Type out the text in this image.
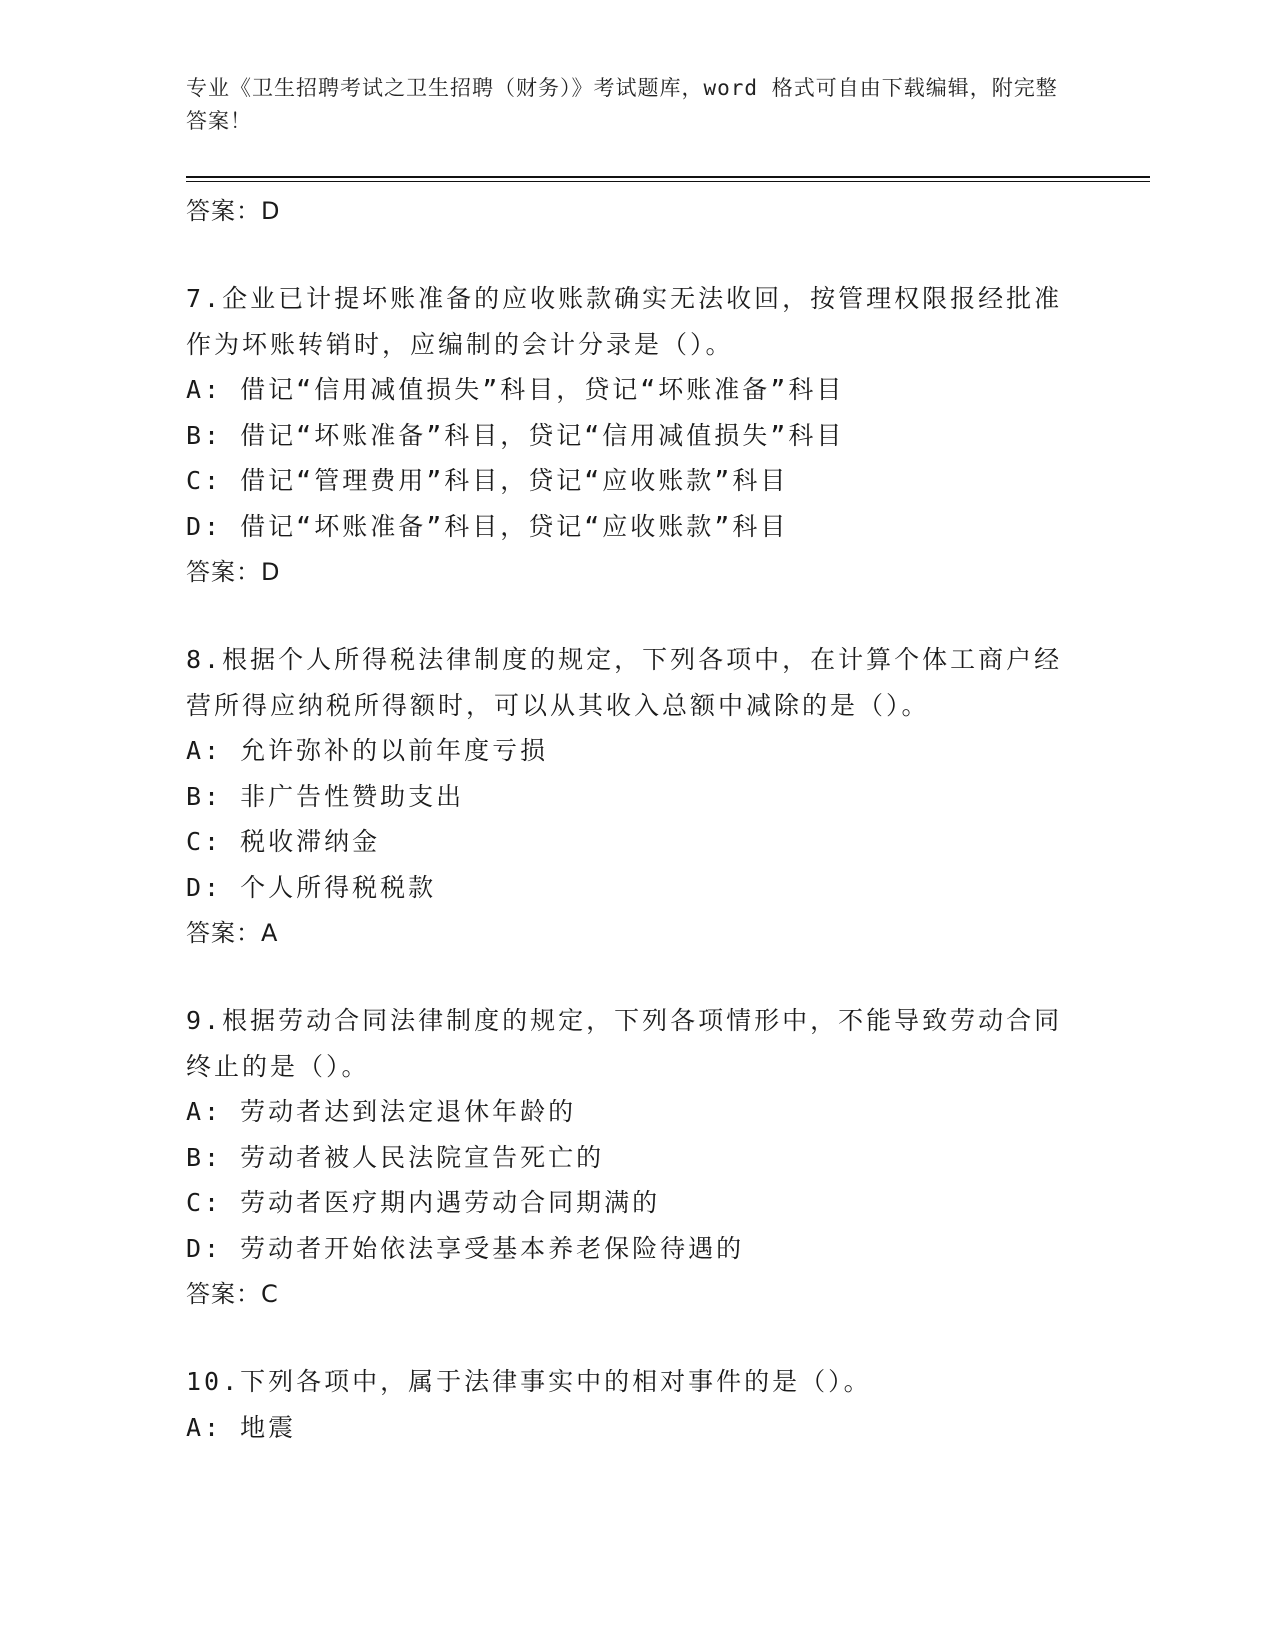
专业《卫生招聘考试之卫生招聘（财务）》考试题库，word 格式可自由下载编辑，附完整答案！
答案：D
7.企业已计提坏账准备的应收账款确实无法收回，按管理权限报经批准作为坏账转销时，应编制的会计分录是（）。
A: 借记“信用减值损失”科目，贷记“坏账准备”科目
B: 借记“坏账准备”科目，贷记“信用减值损失”科目
C: 借记“管理费用”科目，贷记“应收账款”科目
D: 借记“坏账准备”科目，贷记“应收账款”科目
答案：D
8.根据个人所得税法律制度的规定，下列各项中，在计算个体工商户经营所得应纳税所得额时，可以从其收入总额中减除的是（）。
A: 允许弥补的以前年度亏损
B: 非广告性赞助支出
C: 税收滞纳金
D: 个人所得税税款
答案：A
9.根据劳动合同法律制度的规定，下列各项情形中，不能导致劳动合同终止的是（）。
A: 劳动者达到法定退休年龄的
B: 劳动者被人民法院宣告死亡的
C: 劳动者医疗期内遇劳动合同期满的
D: 劳动者开始依法享受基本养老保险待遇的
答案：C
10.下列各项中，属于法律事实中的相对事件的是（）。
A: 地震
